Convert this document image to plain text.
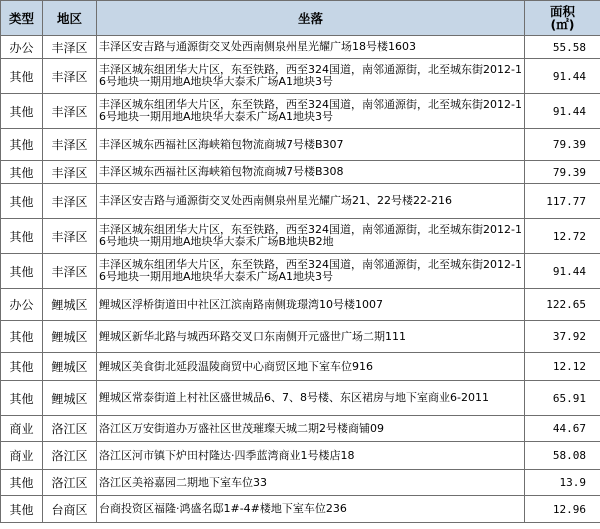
类型	地区	坐落	面积
(㎡)
办公	丰泽区	丰泽区安吉路与通源街交叉处西南侧泉州星光耀广场18号楼1603	55.58
其他	丰泽区	丰泽区城东组团华大片区，东至铁路，西至324国道，南邻通源街，北至城东街2012-16号地块一期用地A地块华大泰禾广场A1地块3号	91.44
其他	丰泽区	丰泽区城东组团华大片区，东至铁路，西至324国道，南邻通源街，北至城东街2012-16号地块一期用地A地块华大泰禾广场A1地块3号	91.44
其他	丰泽区	丰泽区城东西福社区海峡箱包物流商城7号楼B307	79.39
其他	丰泽区	丰泽区城东西福社区海峡箱包物流商城7号楼B308	79.39
其他	丰泽区	丰泽区安吉路与通源街交叉处西南侧泉州星光耀广场21、22号楼22-216	117.77
其他	丰泽区	丰泽区城东组团华大片区，东至铁路，西至324国道，南邻通源街，北至城东街2012-16号地块一期用地A地块华大泰禾广场B地块B2地	12.72
其他	丰泽区	丰泽区城东组团华大片区，东至铁路，西至324国道，南邻通源街，北至城东街2012-16号地块一期用地A地块华大泰禾广场A1地块3号	91.44
办公	鲤城区	鲤城区浮桥街道田中社区江滨南路南侧珑璟湾10号楼1007	122.65
其他	鲤城区	鲤城区新华北路与城西环路交叉口东南侧开元盛世广场二期111	37.92
其他	鲤城区	鲤城区美食街北延段温陵商贸中心商贸区地下室车位916	12.12
其他	鲤城区	鲤城区常泰街道上村社区盛世城品6、7、8号楼、东区裙房与地下室商业6-2011	65.91
商业	洛江区	洛江区万安街道办万盛社区世茂璀璨天城二期2号楼商铺09	44.67
商业	洛江区	洛江区河市镇下炉田村隆达·四季蓝湾商业1号楼店18	58.08
其他	洛江区	洛江区美裕嘉园二期地下室车位33	13.9
其他	台商区	台商投资区福隆·鸿盛名邸1#-4#楼地下室车位236	12.96
